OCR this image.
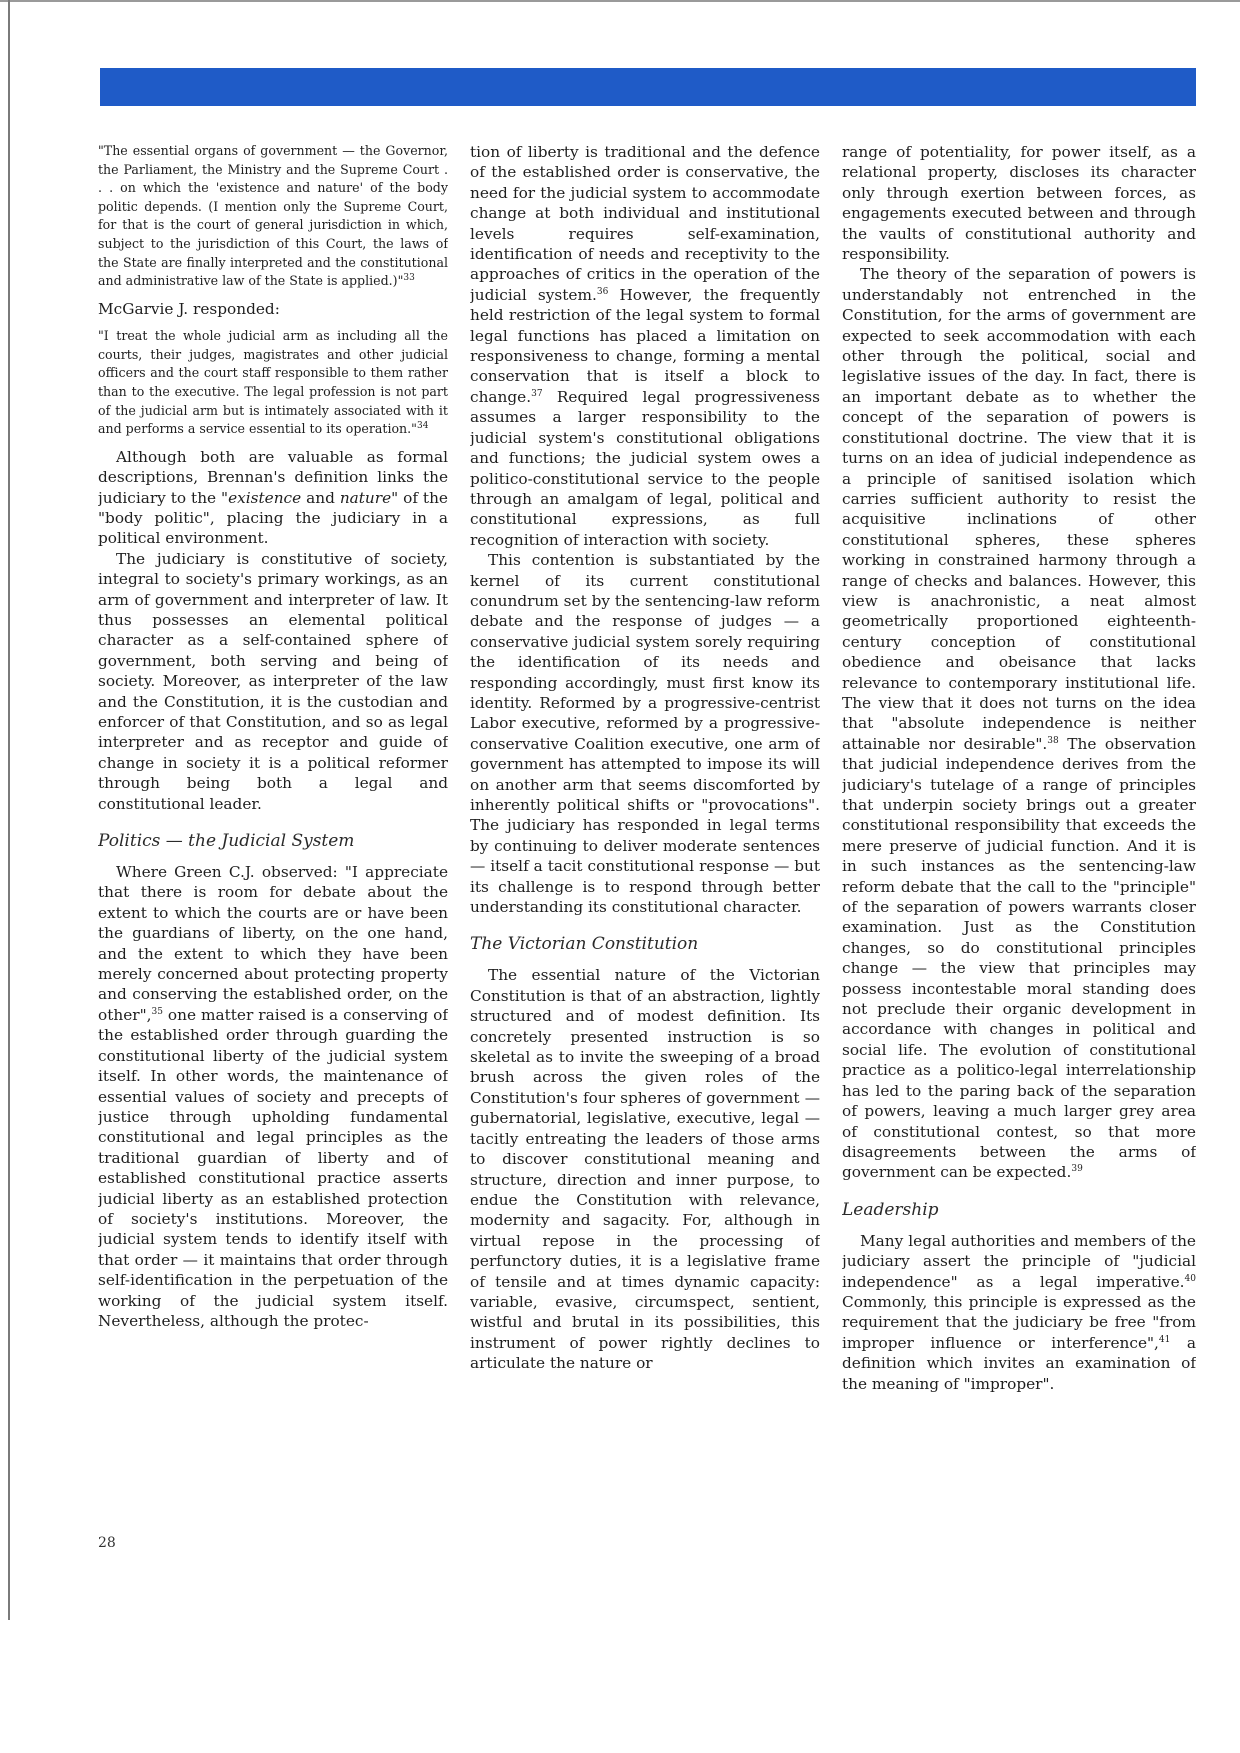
"The essential organs of government — the Governor, the Parliament, the Ministry and the Supreme Court . . . on which the 'existence and nature' of the body politic depends. (I mention only the Supreme Court, for that is the court of general jurisdiction in which, subject to the jurisdiction of this Court, the laws of the State are finally interpreted and the constitutional and administrative law of the State is applied.)"$^{33}$

McGarvie J. responded:

"I treat the whole judicial arm as including all the courts, their judges, magistrates and other judicial officers and the court staff responsible to them rather than to the executive. The legal profession is not part of the judicial arm but is intimately associated with it and performs a service essential to its operation."$^{34}$

Although both are valuable as formal descriptions, Brennan's definition links the judiciary to the "existence and nature" of the "body politic", placing the judiciary in a political environment.

The judiciary is constitutive of society, integral to society's primary workings, as an arm of government and interpreter of law. It thus possesses an elemental political character as a self-contained sphere of government, both serving and being of society. Moreover, as interpreter of the law and the Constitution, it is the custodian and enforcer of that Constitution, and so as legal interpreter and as receptor and guide of change in society it is a political reformer through being both a legal and constitutional leader.

Politics — the Judicial System

Where Green C.J. observed: "I appreciate that there is room for debate about the extent to which the courts are or have been the guardians of liberty, on the one hand, and the extent to which they have been merely concerned about protecting property and conserving the established order, on the other",$^{35}$ one matter raised is a conserving of the established order through guarding the constitutional liberty of the judicial system itself. In other words, the maintenance of essential values of society and precepts of justice through upholding fundamental constitutional and legal principles as the traditional guardian of liberty and of established constitutional practice asserts judicial liberty as an established protection of society's institutions. Moreover, the judicial system tends to identify itself with that order — it maintains that order through self-identification in the perpetuation of the working of the judicial system itself. Nevertheless, although the protec-

tion of liberty is traditional and the defence of the established order is conservative, the need for the judicial system to accommodate change at both individual and institutional levels requires self-examination, identification of needs and receptivity to the approaches of critics in the operation of the judicial system.$^{36}$ However, the frequently held restriction of the legal system to formal legal functions has placed a limitation on responsiveness to change, forming a mental conservation that is itself a block to change.$^{37}$ Required legal progressiveness assumes a larger responsibility to the judicial system's constitutional obligations and functions; the judicial system owes a politico-constitutional service to the people through an amalgam of legal, political and constitutional expressions, as full recognition of interaction with society.

This contention is substantiated by the kernel of its current constitutional conundrum set by the sentencing-law reform debate and the response of judges — a conservative judicial system sorely requiring the identification of its needs and responding accordingly, must first know its identity. Reformed by a progressive-centrist Labor executive, reformed by a progressive-conservative Coalition executive, one arm of government has attempted to impose its will on another arm that seems discomforted by inherently political shifts or "provocations". The judiciary has responded in legal terms by continuing to deliver moderate sentences — itself a tacit constitutional response — but its challenge is to respond through better understanding its constitutional character.

The Victorian Constitution

The essential nature of the Victorian Constitution is that of an abstraction, lightly structured and of modest definition. Its concretely presented instruction is so skeletal as to invite the sweeping of a broad brush across the given roles of the Constitution's four spheres of government — gubernatorial, legislative, executive, legal — tacitly entreating the leaders of those arms to discover constitutional meaning and structure, direction and inner purpose, to endue the Constitution with relevance, modernity and sagacity. For, although in virtual repose in the processing of perfunctory duties, it is a legislative frame of tensile and at times dynamic capacity: variable, evasive, circumspect, sentient, wistful and brutal in its possibilities, this instrument of power rightly declines to articulate the nature or

range of potentiality, for power itself, as a relational property, discloses its character only through exertion between forces, as engagements executed between and through the vaults of constitutional authority and responsibility.

The theory of the separation of powers is understandably not entrenched in the Constitution, for the arms of government are expected to seek accommodation with each other through the political, social and legislative issues of the day. In fact, there is an important debate as to whether the concept of the separation of powers is constitutional doctrine. The view that it is turns on an idea of judicial independence as a principle of sanitised isolation which carries sufficient authority to resist the acquisitive inclinations of other constitutional spheres, these spheres working in constrained harmony through a range of checks and balances. However, this view is anachronistic, a neat almost geometrically proportioned eighteenth-century conception of constitutional obedience and obeisance that lacks relevance to contemporary institutional life. The view that it does not turns on the idea that "absolute independence is neither attainable nor desirable".$^{38}$ The observation that judicial independence derives from the judiciary's tutelage of a range of principles that underpin society brings out a greater constitutional responsibility that exceeds the mere preserve of judicial function. And it is in such instances as the sentencing-law reform debate that the call to the "principle" of the separation of powers warrants closer examination. Just as the Constitution changes, so do constitutional principles change — the view that principles may possess incontestable moral standing does not preclude their organic development in accordance with changes in political and social life. The evolution of constitutional practice as a politico-legal interrelationship has led to the paring back of the separation of powers, leaving a much larger grey area of constitutional contest, so that more disagreements between the arms of government can be expected.$^{39}$

Leadership

Many legal authorities and members of the judiciary assert the principle of "judicial independence" as a legal imperative.$^{40}$ Commonly, this principle is expressed as the requirement that the judiciary be free "from improper influence or interference",$^{41}$ a definition which invites an examination of the meaning of "improper".

28
